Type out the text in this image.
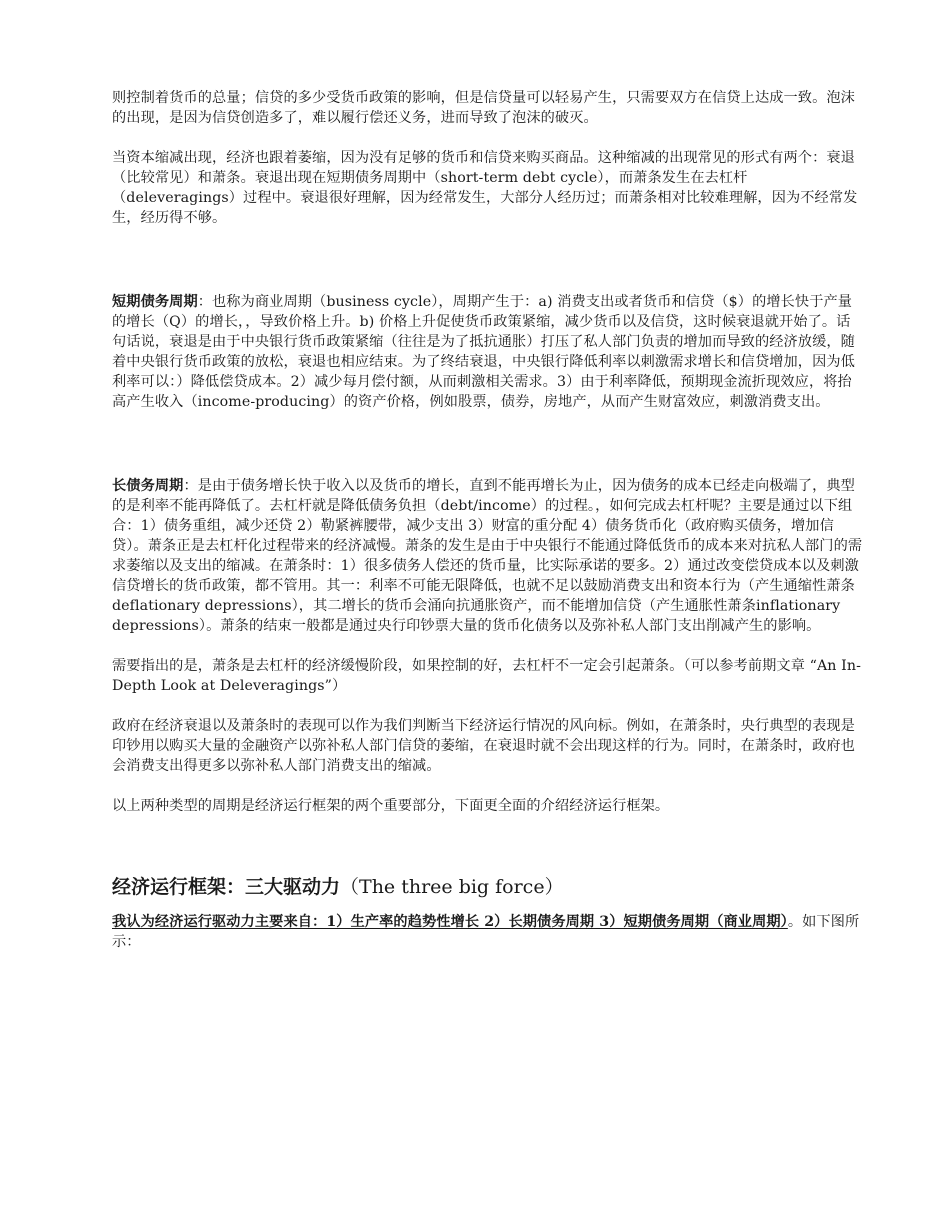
则控制着货币的总量；信贷的多少受货币政策的影响，但是信贷量可以轻易产生，只需要双方在信贷上达成一致。泡沫的出现，是因为信贷创造多了，难以履行偿还义务，进而导致了泡沫的破灭。

当资本缩减出现，经济也跟着萎缩，因为没有足够的货币和信贷来购买商品。这种缩减的出现常见的形式有两个：衰退（比较常见）和萧条。衰退出现在短期债务周期中（short-term debt cycle），而萧条发生在去杠杆（deleveragings）过程中。衰退很好理解，因为经常发生，大部分人经历过；而萧条相对比较难理解，因为不经常发生，经历得不够。

短期债务周期：也称为商业周期（business cycle），周期产生于：a) 消费支出或者货币和信贷（$）的增长快于产量的增长（Q）的增长，，导致价格上升。b) 价格上升促使货币政策紧缩，减少货币以及信贷，这时候衰退就开始了。话句话说，衰退是由于中央银行货币政策紧缩（往往是为了抵抗通胀）打压了私人部门负责的增加而导致的经济放缓，随着中央银行货币政策的放松，衰退也相应结束。为了终结衰退，中央银行降低利率以刺激需求增长和信贷增加，因为低利率可以：）降低偿贷成本。2）减少每月偿付额，从而刺激相关需求。3）由于利率降低，预期现金流折现效应，将抬高产生收入（income-producing）的资产价格，例如股票，债券，房地产，从而产生财富效应，刺激消费支出。

长债务周期：是由于债务增长快于收入以及货币的增长，直到不能再增长为止，因为债务的成本已经走向极端了，典型的是利率不能再降低了。去杠杆就是降低债务负担（debt/income）的过程。，如何完成去杠杆呢？主要是通过以下组合：1）债务重组，减少还贷 2）勒紧裤腰带，减少支出 3）财富的重分配 4）债务货币化（政府购买债务，增加信贷）。萧条正是去杠杆化过程带来的经济减慢。萧条的发生是由于中央银行不能通过降低货币的成本来对抗私人部门的需求萎缩以及支出的缩减。在萧条时：1）很多债务人偿还的货币量，比实际承诺的要多。2）通过改变偿贷成本以及刺激信贷增长的货币政策，都不管用。其一：利率不可能无限降低，也就不足以鼓励消费支出和资本行为（产生通缩性萧条deflationary depressions），其二增长的货币会涌向抗通胀资产，而不能增加信贷（产生通胀性萧条inflationary depressions）。萧条的结束一般都是通过央行印钞票大量的货币化债务以及弥补私人部门支出削减产生的影响。

需要指出的是，萧条是去杠杆的经济缓慢阶段，如果控制的好，去杠杆不一定会引起萧条。（可以参考前期文章 “An In-Depth Look at Deleveragings”）

政府在经济衰退以及萧条时的表现可以作为我们判断当下经济运行情况的风向标。例如，在萧条时，央行典型的表现是印钞用以购买大量的金融资产以弥补私人部门信贷的萎缩，在衰退时就不会出现这样的行为。同时，在萧条时，政府也会消费支出得更多以弥补私人部门消费支出的缩减。

以上两种类型的周期是经济运行框架的两个重要部分，下面更全面的介绍经济运行框架。

经济运行框架：三大驱动力（The three big force）

我认为经济运行驱动力主要来自：1）生产率的趋势性增长 2）长期债务周期 3）短期债务周期（商业周期）。如下图所示：
